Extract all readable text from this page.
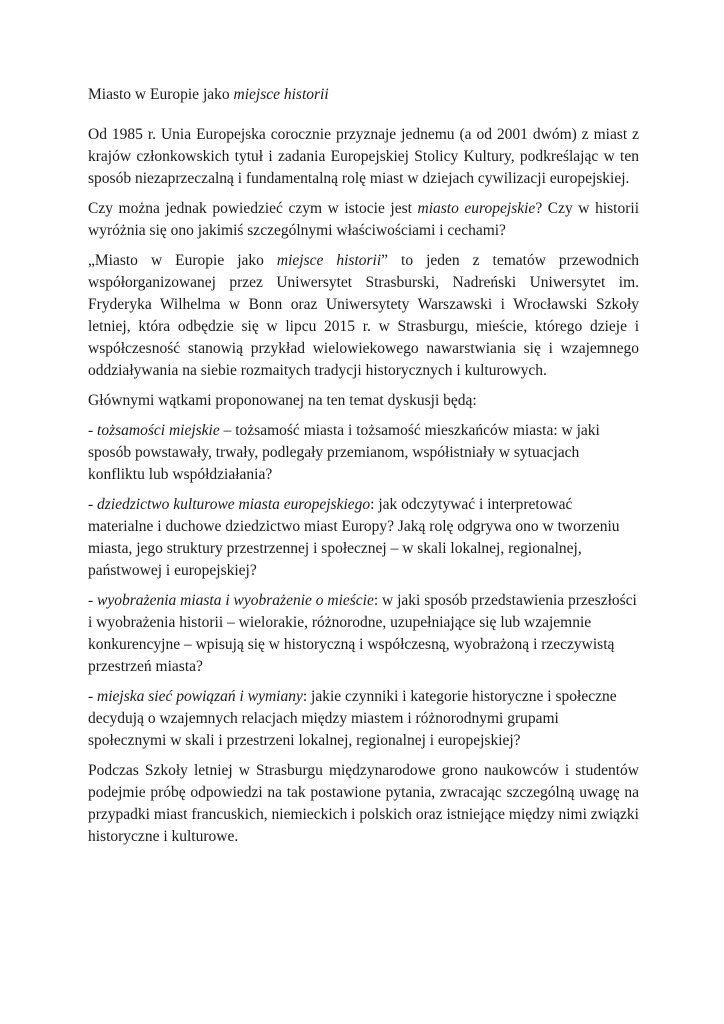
Miasto w Europie jako miejsce historii

Od 1985 r. Unia Europejska corocznie przyznaje jednemu (a od 2001 dwóm) z miast z krajów członkowskich tytuł i zadania Europejskiej Stolicy Kultury, podkreślając w ten sposób niezaprzeczalną i fundamentalną rolę miast w dziejach cywilizacji europejskiej.

Czy można jednak powiedzieć czym w istocie jest miasto europejskie? Czy w historii wyróżnia się ono jakimiś szczególnymi właściwościami i cechami?

„Miasto w Europie jako miejsce historii” to jeden z tematów przewodnich współorganizowanej przez Uniwersytet Strasburski, Nadreński Uniwersytet im. Fryderyka Wilhelma w Bonn oraz Uniwersytety Warszawski i Wrocławski Szkoły letniej, która odbędzie się w lipcu 2015 r. w Strasburgu, mieście, którego dzieje i współczesność stanowią przykład wielowiekowego nawarstwiania się i wzajemnego oddziaływania na siebie rozmaitych tradycji historycznych i kulturowych.

Głównymi wątkami proponowanej na ten temat dyskusji będą:

- tożsamości miejskie – tożsamość miasta i tożsamość mieszkańców miasta: w jaki sposób powstawały, trwały, podlegały przemianom, współistniały w sytuacjach konfliktu lub współdziałania?

- dziedzictwo kulturowe miasta europejskiego: jak odczytywać i interpretować materialne i duchowe dziedzictwo miast Europy? Jaką rolę odgrywa ono w tworzeniu miasta, jego struktury przestrzennej i społecznej – w skali lokalnej, regionalnej, państwowej i europejskiej?

- wyobrażenia miasta i wyobrażenie o mieście: w jaki sposób przedstawienia przeszłości i wyobrażenia historii – wielorakie, różnorodne, uzupełniające się lub wzajemnie konkurencyjne – wpisują się w historyczną i współczesną, wyobrażoną i rzeczywistą przestrzeń miasta?

- miejska sieć powiązań i wymiany: jakie czynniki i kategorie historyczne i społeczne decydują o wzajemnych relacjach między miastem i różnorodnymi grupami społecznymi w skali i przestrzeni lokalnej, regionalnej i europejskiej?

Podczas Szkoły letniej w Strasburgu międzynarodowe grono naukowców i studentów podejmie próbę odpowiedzi na tak postawione pytania, zwracając szczególną uwagę na przypadki miast francuskich, niemieckich i polskich oraz istniejące między nimi związki historyczne i kulturowe.
